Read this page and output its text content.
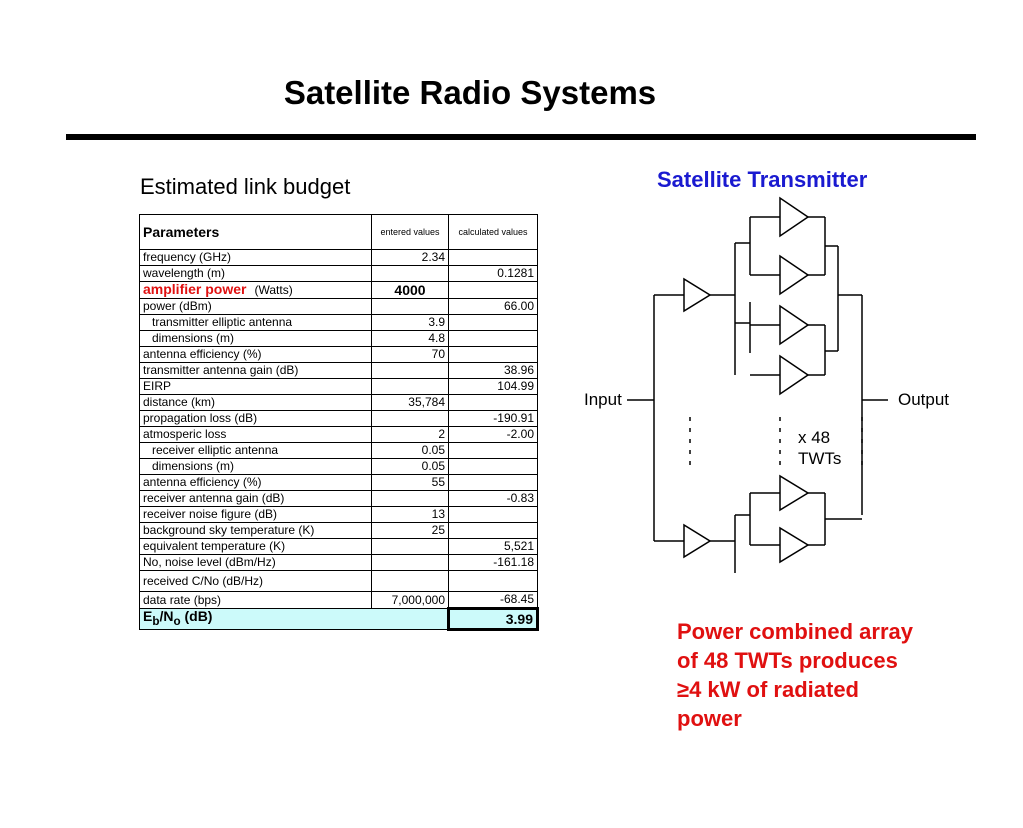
Satellite Radio Systems
Estimated link budget
Parameters	entered values	calculated values
frequency (GHz)	2.34	
wavelength (m)		0.1281
amplifier power (Watts)	4000	
power (dBm)		66.00
transmitter elliptic antenna	3.9	
dimensions (m)	4.8	
antenna efficiency (%)	70	
transmitter antenna gain (dB)		38.96
EIRP		104.99
distance (km)	35,784	
propagation loss (dB)		-190.91
atmosperic loss	2	-2.00
receiver elliptic antenna	0.05	
dimensions (m)	0.05	
antenna efficiency (%)	55	
receiver antenna gain (dB)		-0.83
receiver noise figure (dB)	13	
background sky temperature (K)	25	
equivalent temperature (K)		5,521
No, noise level (dBm/Hz)		-161.18
received C/No (dB/Hz)		
data rate (bps)	7,000,000	-68.45
$E_b/N_o$ (dB)		3.99
Satellite Transmitter
Input	Output
x 48
TWTs
Power combined array of 48 TWTs produces ≥4 kW of radiated power
